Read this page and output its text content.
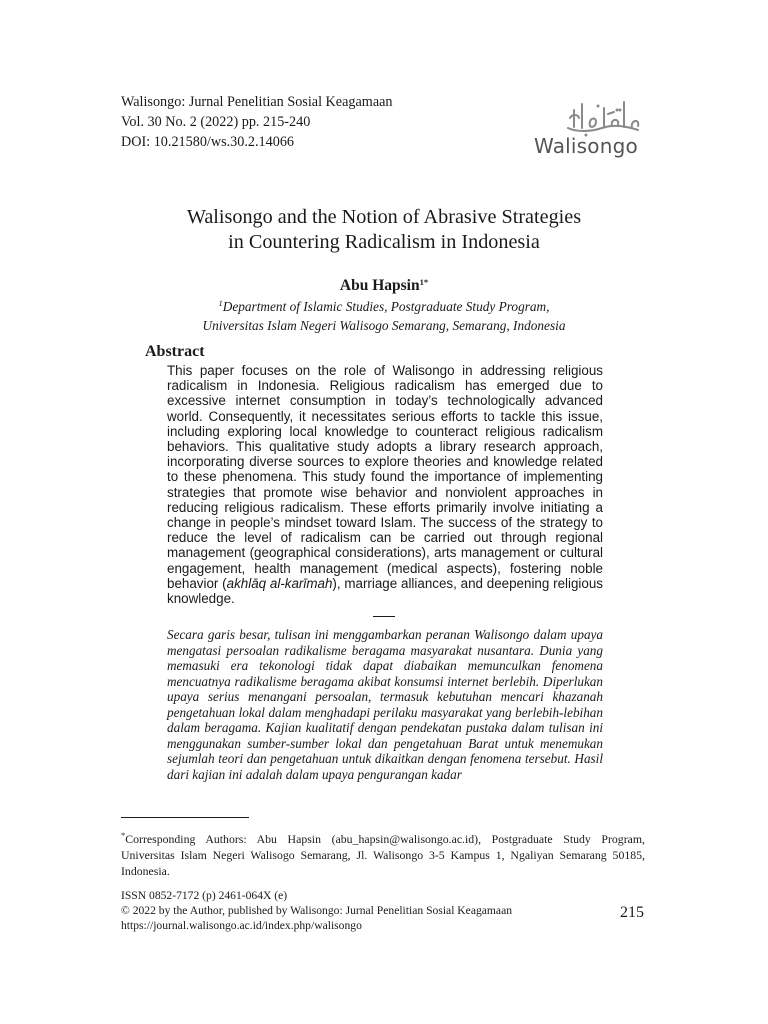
Walisongo: Jurnal Penelitian Sosial Keagamaan
Vol. 30 No. 2 (2022) pp. 215-240
DOI: 10.21580/ws.30.2.14066	Walisongo
Walisongo and the Notion of Abrasive Strategies
in Countering Radicalism in Indonesia
Abu Hapsin$^{1*}$
$^1$Department of Islamic Studies, Postgraduate Study Program,
Universitas Islam Negeri Walisogo Semarang, Semarang, Indonesia
Abstract

This paper focuses on the role of Walisongo in addressing religious radicalism in Indonesia. Religious radicalism has emerged due to excessive internet consumption in today’s technologically advanced world. Consequently, it necessitates serious efforts to tackle this issue, including exploring local knowledge to counteract religious radicalism behaviors. This qualitative study adopts a library research approach, incorporating diverse sources to explore theories and knowledge related to these phenomena. This study found the importance of implementing strategies that promote wise behavior and nonviolent approaches in reducing religious radicalism. These efforts primarily involve initiating a change in people’s mindset toward Islam. The success of the strategy to reduce the level of radicalism can be carried out through regional management (geographical considerations), arts management or cultural engagement, health management (medical aspects), fostering noble behavior (akhlāq al-karīmah), marriage alliances, and deepening religious knowledge.

Secara garis besar, tulisan ini menggambarkan peranan Walisongo dalam upaya mengatasi persoalan radikalisme beragama masyarakat nusantara. Dunia yang memasuki era tekonologi tidak dapat diabaikan memunculkan fenomena mencuatnya radikalisme beragama akibat konsumsi internet berlebih. Diperlukan upaya serius menangani persoalan, termasuk kebutuhan mencari khazanah pengetahuan lokal dalam menghadapi perilaku masyarakat yang berlebih-lebihan dalam beragama. Kajian kualitatif dengan pendekatan pustaka dalam tulisan ini menggunakan sumber-sumber lokal dan pengetahuan Barat untuk menemukan sejumlah teori dan pengetahuan untuk dikaitkan dengan fenomena tersebut. Hasil dari kajian ini adalah dalam upaya pengurangan kadar

*Corresponding Authors: Abu Hapsin (abu_hapsin@walisongo.ac.id), Postgraduate Study Program, Universitas Islam Negeri Walisogo Semarang, Jl. Walisongo 3-5 Kampus 1, Ngaliyan Semarang 50185, Indonesia.

ISSN 0852-7172 (p) 2461-064X (e)
© 2022 by the Author, published by Walisongo: Jurnal Penelitian Sosial Keagamaan
https://journal.walisongo.ac.id/index.php/walisongo
215
